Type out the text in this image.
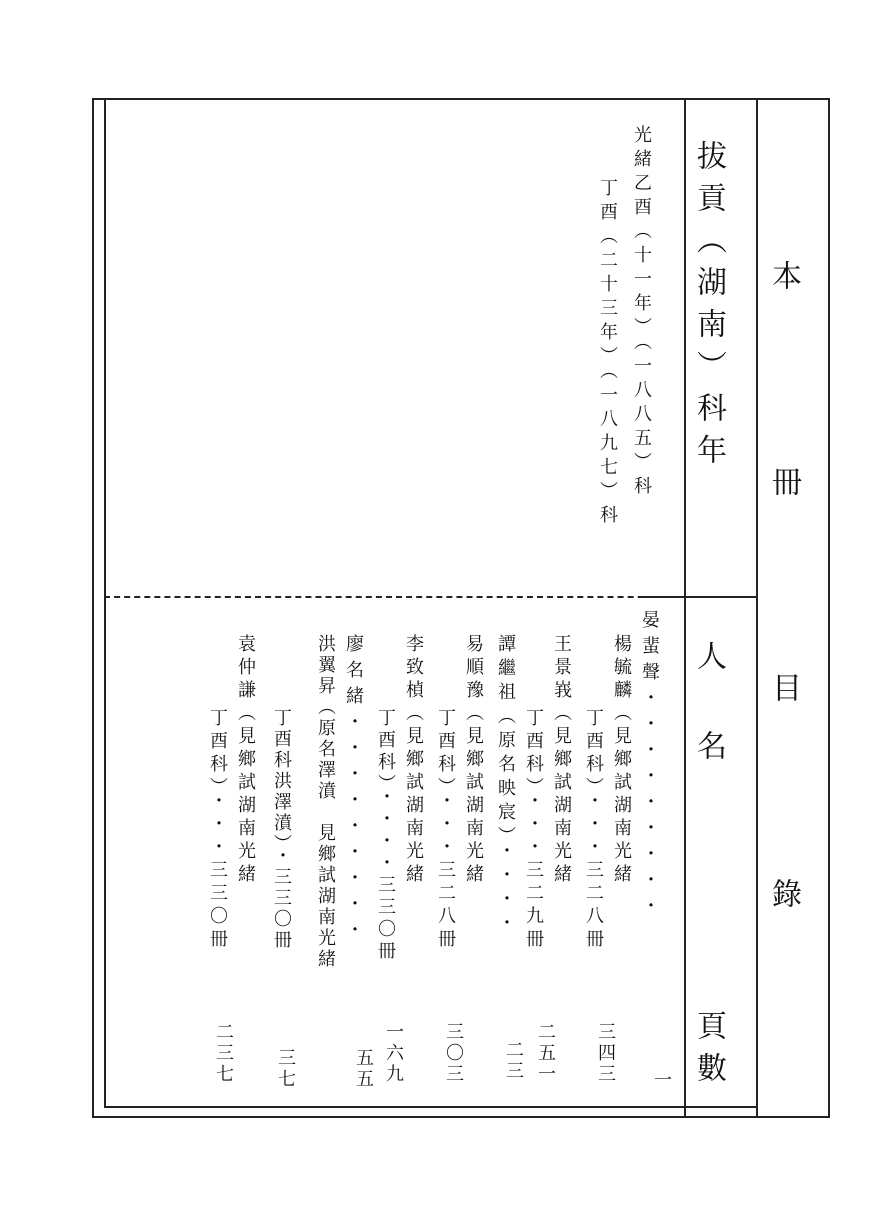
本冊目錄
拔貢（湖南）科年
人名
頁數
光緒乙酉（十一年）（一八八五）科
丁酉（二十三年）（一八九七）科
晏蜚聲・・・・・・・・・
一
楊毓麟（見鄉試湖南光緒
三四三
丁酉科）・・・三二八冊
王景峩（見鄉試湖南光緒
二五一
丁酉科）・・・三二九冊
譚繼祖（原名映宸）・・・・
二三
易順豫（見鄉試湖南光緒
丁酉科）・・・三二八冊
三〇三
李致楨（見鄉試湖南光緒
丁酉科）・・・・三三〇冊
一六九
廖名緒・・・・・・・・・
五五
洪翼昇（原名澤濆　見鄉試湖南光緒
丁酉科洪澤濆）・三三〇冊
三七
袁仲謙（見鄉試湖南光緒
丁酉科）・・・三三〇冊
二三七
